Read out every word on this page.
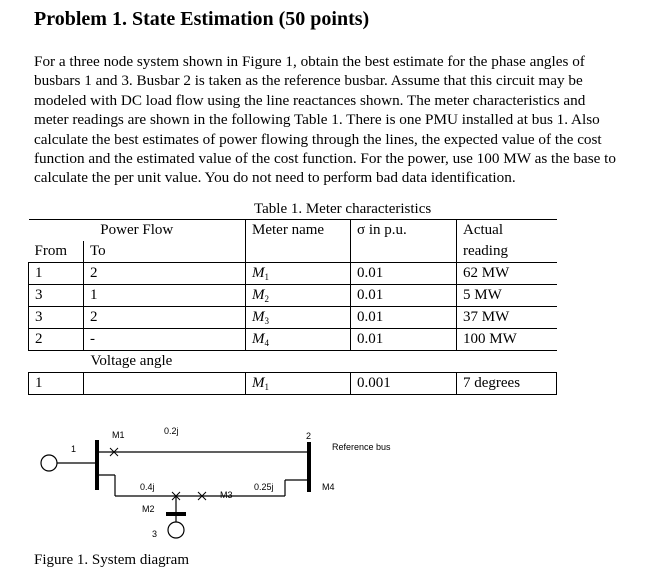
Problem 1. State Estimation (50 points)

For a three node system shown in Figure 1, obtain the best estimate for the phase angles of
busbars 1 and 3. Busbar 2 is taken as the reference busbar. Assume that this circuit may be
modeled with DC load flow using the line reactances shown. The meter characteristics and
meter readings are shown in the following Table 1. There is one PMU installed at bus 1. Also
calculate the best estimates of power flowing through the lines, the expected value of the cost
function and the estimated value of the cost function. For the power, use 100 MW as the base to
calculate the per unit value. You do not need to perform bad data identification.

Table 1. Meter characteristics
Power Flow		Meter name	σ in p.u.	Actual
From	To			reading
1	2	$M_1$	0.01	62 MW
3	1	$M_2$	0.01	5 MW
3	2	$M_3$	0.01	37 MW
2	-	$M_4$	0.01	100 MW
Voltage angle				
1		$M_1$	0.001	7 degrees
1
M1	0.2j	2
Reference bus
0.4j	0.25j
M2
M3
3
M4
Figure 1. System diagram
